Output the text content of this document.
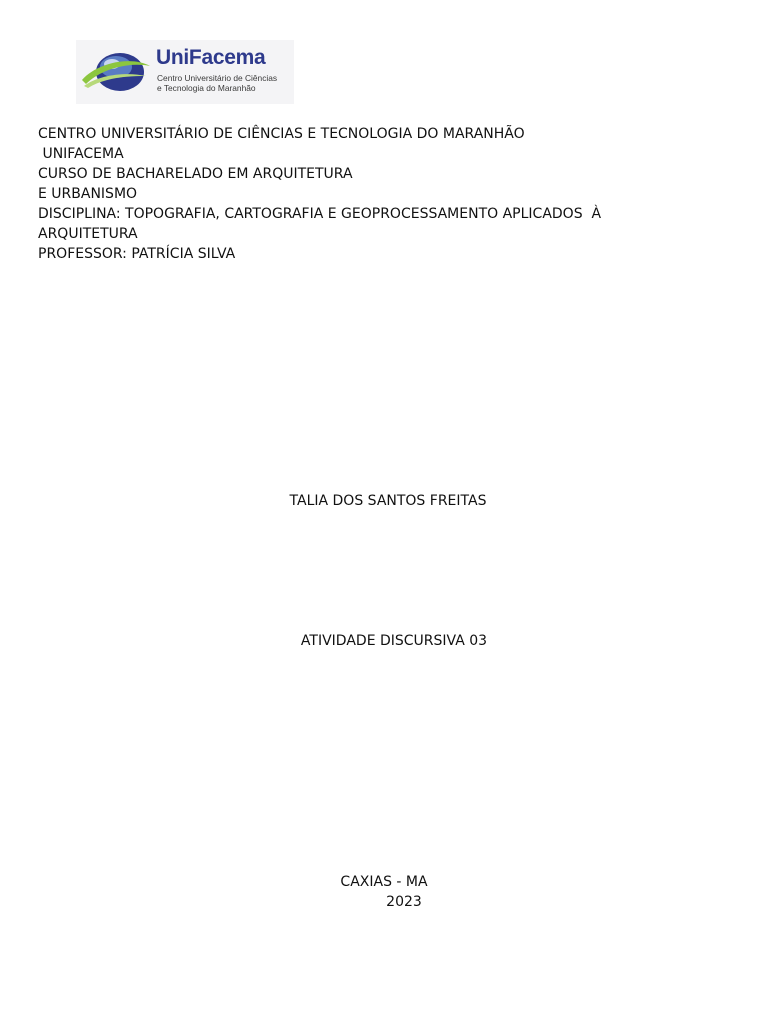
UniFacema
Centro Universitário de Ciências
e Tecnologia do Maranhão
CENTRO UNIVERSITÁRIO DE CIÊNCIAS E TECNOLOGIA DO MARANHÃO
UNIFACEMA
CURSO DE BACHARELADO EM ARQUITETURA
E URBANISMO
DISCIPLINA: TOPOGRAFIA, CARTOGRAFIA E GEOPROCESSAMENTO APLICADOS  À
ARQUITETURA
PROFESSOR: PATRÍCIA SILVA
TALIA DOS SANTOS FREITAS
ATIVIDADE DISCURSIVA 03
CAXIAS - MA
2023
